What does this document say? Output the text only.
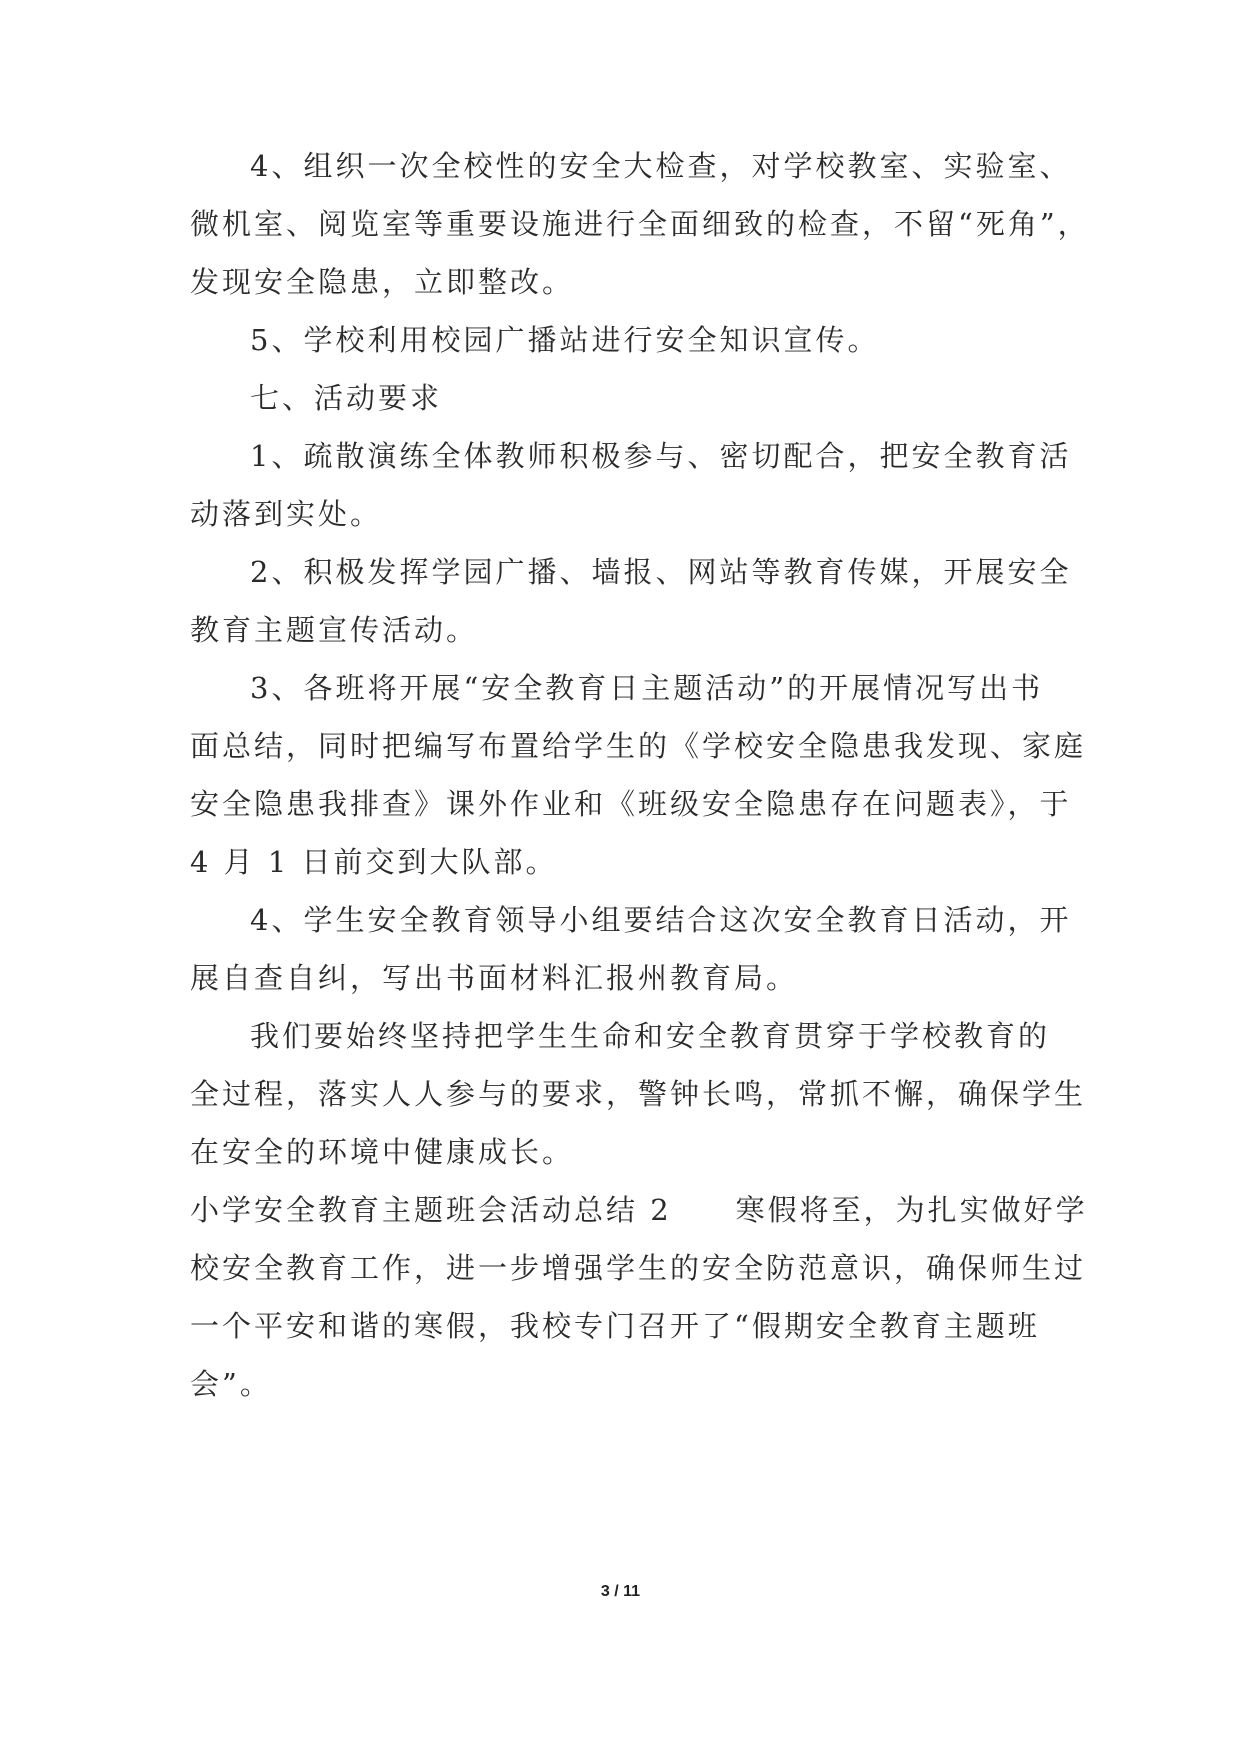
4、组织一次全校性的安全大检查，对学校教室、实验室、

微机室、阅览室等重要设施进行全面细致的检查，不留“死角”，

发现安全隐患，立即整改。

5、学校利用校园广播站进行安全知识宣传。

七、活动要求

1、疏散演练全体教师积极参与、密切配合，把安全教育活

动落到实处。

2、积极发挥学园广播、墙报、网站等教育传媒，开展安全

教育主题宣传活动。

3、各班将开展“安全教育日主题活动”的开展情况写出书

面总结，同时把编写布置给学生的《学校安全隐患我发现、家庭

安全隐患我排查》课外作业和《班级安全隐患存在问题表》，于

4 月 1 日前交到大队部。

4、学生安全教育领导小组要结合这次安全教育日活动，开

展自查自纠，写出书面材料汇报州教育局。

我们要始终坚持把学生生命和安全教育贯穿于学校教育的

全过程，落实人人参与的要求，警钟长鸣，常抓不懈，确保学生

在安全的环境中健康成长。

小学安全教育主题班会活动总结 2　　寒假将至，为扎实做好学

校安全教育工作，进一步增强学生的安全防范意识，确保师生过

一个平安和谐的寒假，我校专门召开了“假期安全教育主题班

会”。

3 / 11
